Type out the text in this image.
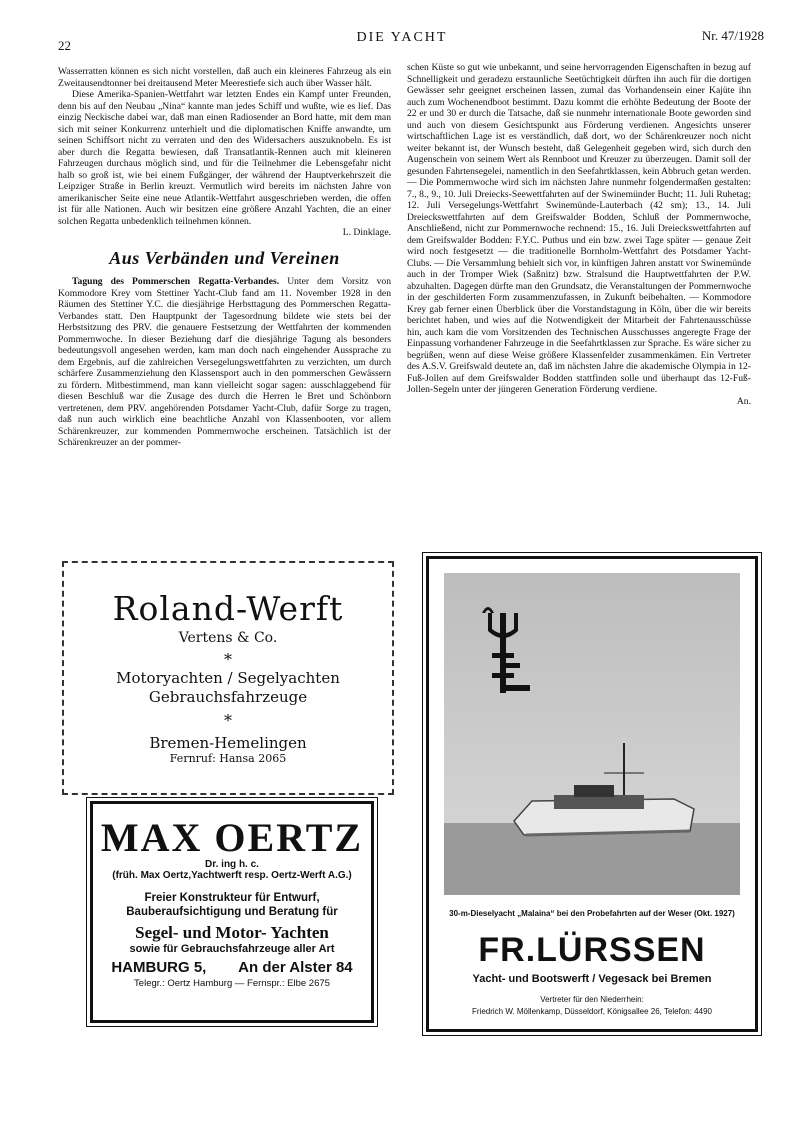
22
DIE YACHT	Nr. 47/1928

Wasserratten können es sich nicht vorstellen, daß auch ein kleineres Fahrzeug als ein Zweitausendtonner bei dreitausend Meter Meerestiefe sich auch über Wasser hält.

Diese Amerika-Spanien-Wettfahrt war letzten Endes ein Kampf unter Freunden, denn bis auf den Neubau „Nina“ kannte man jedes Schiff und wußte, wie es lief. Das einzig Neckische dabei war, daß man einen Radiosender an Bord hatte, mit dem man sich mit seiner Konkurrenz unterhielt und die diplomatischen Kniffe anwandte, um seinen Schiffsort nicht zu verraten und den des Widersachers auszuknobeln. Es ist aber durch die Regatta bewiesen, daß Transatlantik-Rennen auch mit kleineren Fahrzeugen durchaus möglich sind, und für die Teilnehmer die Lebensgefahr nicht halb so groß ist, wie bei einem Fußgänger, der während der Hauptverkehrszeit die Leipziger Straße in Berlin kreuzt. Vermutlich wird bereits im nächsten Jahre von amerikanischer Seite eine neue Atlantik-Wettfahrt ausgeschrieben werden, die offen ist für alle Nationen. Auch wir besitzen eine größere Anzahl Yachten, die an einer solchen Regatta unbedenklich teilnehmen können.

L. Dinklage.

Aus Verbänden und Vereinen

Tagung des Pommerschen Regatta-Verbandes. Unter dem Vorsitz von Kommodore Krey vom Stettiner Yacht-Club fand am 11. November 1928 in den Räumen des Stettiner Y.C. die diesjährige Herbsttagung des Pommerschen Regatta-Verbandes statt. Den Hauptpunkt der Tagesordnung bildete wie stets bei der Herbstsitzung des PRV. die genauere Festsetzung der Wettfahrten der kommenden Pommernwoche. In dieser Beziehung darf die diesjährige Tagung als besonders bedeutungsvoll angesehen werden, kam man doch nach eingehender Aussprache zu dem Ergebnis, auf die zahlreichen Versegelungswettfahrten zu verzichten, um durch schärfere Zusammenziehung den Klassensport auch in den pommerschen Gewässern zu fördern. Mitbestimmend, man kann vielleicht sogar sagen: ausschlaggebend für diesen Beschluß war die Zusage des durch die Herren le Bret und Schönborn vertretenen, dem PRV. angehörenden Potsdamer Yacht-Club, dafür Sorge zu tragen, daß nun auch wirklich eine beachtliche Anzahl von Klassenbooten, vor allem Schärenkreuzer, zur kommenden Pommernwoche erscheinen. Tatsächlich ist der Schärenkreuzer an der pommer-

schen Küste so gut wie unbekannt, und seine hervorragenden Eigenschaften in bezug auf Schnelligkeit und geradezu erstaunliche Seetüchtigkeit dürften ihn auch für die dortigen Gewässer sehr geeignet erscheinen lassen, zumal das Vorhandensein einer Kajüte ihn auch zum Wochenendboot bestimmt. Dazu kommt die erhöhte Bedeutung der Boote der 22 er und 30 er durch die Tatsache, daß sie nunmehr internationale Boote geworden sind und auch von diesem Gesichtspunkt aus Förderung verdienen. Angesichts unserer wirtschaftlichen Lage ist es verständlich, daß dort, wo der Schärenkreuzer noch nicht weiter bekannt ist, der Wunsch besteht, daß Gelegenheit gegeben wird, sich durch den Augenschein von seinem Wert als Rennboot und Kreuzer zu überzeugen. Damit soll der gesunden Fahrtensegelei, namentlich in den Seefahrtklassen, kein Abbruch getan werden. — Die Pommernwoche wird sich im nächsten Jahre nunmehr folgendermaßen gestalten: 7., 8., 9., 10. Juli Dreiecks-Seewettfahrten auf der Swinemünder Bucht; 11. Juli Ruhetag; 12. Juli Versegelungs-Wettfahrt Swinemünde-Lauterbach (42 sm); 13., 14. Juli Dreieckswettfahrten auf dem Greifswalder Bodden, Schluß der Pommernwoche, Anschließend, nicht zur Pommernwoche rechnend: 15., 16. Juli Dreieckswettfahrten auf dem Greifswalder Bodden: F.Y.C. Putbus und ein bzw. zwei Tage später — genaue Zeit wird noch festgesetzt — die traditionelle Bornholm-Wettfahrt des Potsdamer Yacht-Clubs. — Die Versammlung behielt sich vor, in künftigen Jahren anstatt vor Swinemünde auch in der Tromper Wiek (Saßnitz) bzw. Stralsund die Hauptwettfahrten der P.W. abzuhalten. Dagegen dürfte man den Grundsatz, die Veranstaltungen der Pommernwoche in der geschilderten Form zusammenzufassen, in Zukunft beibehalten. — Kommodore Krey gab ferner einen Überblick über die Vorstandstagung in Köln, über die wir bereits berichtet haben, und wies auf die Notwendigkeit der Mitarbeit der Fahrtenausschüsse hin, auch kam die vom Vorsitzenden des Technischen Ausschusses angeregte Frage der Einpassung vorhandener Fahrzeuge in die Seefahrtklassen zur Sprache. Es wäre sicher zu begrüßen, wenn auf diese Weise größere Klassenfelder zusammenkämen. Ein Vertreter des A.S.V. Greifswald deutete an, daß im nächsten Jahre die akademische Olympia in 12-Fuß-Jollen auf dem Greifswalder Bodden stattfinden solle und überhaupt das 12-Fuß-Jollen-Segeln unter der jüngeren Generation Förderung verdiene.

An.

Roland-Werft
Vertens & Co.
*
Motoryachten / Segelyachten
Gebrauchsfahrzeuge
*
Bremen-Hemelingen
Fernruf: Hansa 2065
MAX OERTZ
Dr. ing h. c.
(früh. Max Oertz,Yachtwerft resp. Oertz-Werft A.G.)
Freier Konstrukteur für Entwurf, Bauberaufsichtigung und Beratung für
Segel- und Motor- Yachten
sowie für Gebrauchsfahrzeuge aller Art
HAMBURG 5, An der Alster 84
Telegr.: Oertz Hamburg — Fernspr.: Elbe 2675
30-m-Dieselyacht „Malaina“ bei den Probefahrten auf der Weser (Okt. 1927)
FR.LÜRSSEN
Yacht- und Bootswerft / Vegesack bei Bremen
Vertreter für den Niederrhein:
Friedrich W. Möllenkamp, Düsseldorf, Königsallee 26, Telefon: 4490
